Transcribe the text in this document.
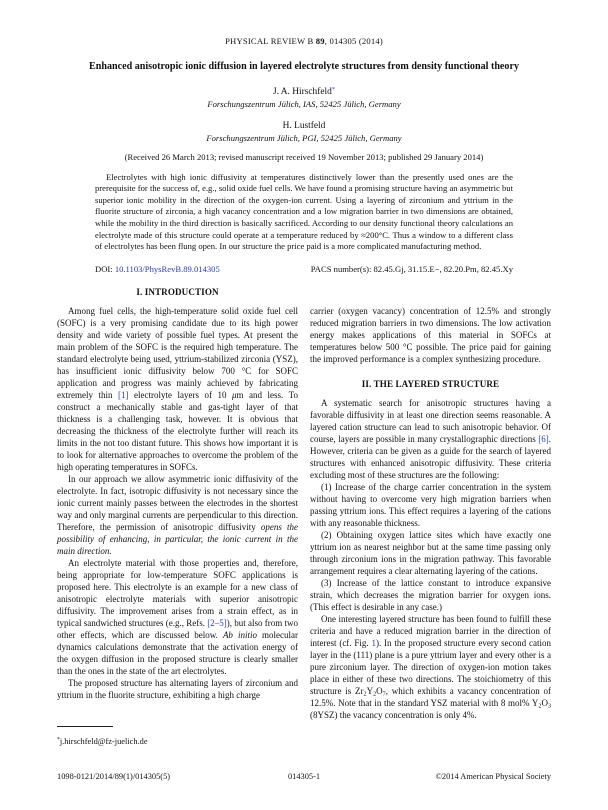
PHYSICAL REVIEW B 89, 014305 (2014)
Enhanced anisotropic ionic diffusion in layered electrolyte structures from density functional theory
J. A. Hirschfeld*
Forschungszentrum Jülich, IAS, 52425 Jülich, Germany
H. Lustfeld
Forschungszentrum Jülich, PGI, 52425 Jülich, Germany
(Received 26 March 2013; revised manuscript received 19 November 2013; published 29 January 2014)
Electrolytes with high ionic diffusivity at temperatures distinctively lower than the presently used ones are the prerequisite for the success of, e.g., solid oxide fuel cells. We have found a promising structure having an asymmetric but superior ionic mobility in the direction of the oxygen-ion current. Using a layering of zirconium and yttrium in the fluorite structure of zirconia, a high vacancy concentration and a low migration barrier in two dimensions are obtained, while the mobility in the third direction is basically sacrificed. According to our density functional theory calculations an electrolyte made of this structure could operate at a temperature reduced by ≈200°C. Thus a window to a different class of electrolytes has been flung open. In our structure the price paid is a more complicated manufacturing method.
DOI: 10.1103/PhysRevB.89.014305	PACS number(s): 82.45.Gj, 31.15.E−, 82.20.Pm, 82.45.Xy
I. INTRODUCTION

Among fuel cells, the high-temperature solid oxide fuel cell (SOFC) is a very promising candidate due to its high power density and wide variety of possible fuel types. At present the main problem of the SOFC is the required high temperature. The standard electrolyte being used, yttrium-stabilized zirconia (YSZ), has insufficient ionic diffusivity below 700 °C for SOFC application and progress was mainly achieved by fabricating extremely thin [1] electrolyte layers of 10 μm and less. To construct a mechanically stable and gas-tight layer of that thickness is a challenging task, however. It is obvious that decreasing the thickness of the electrolyte further will reach its limits in the not too distant future. This shows how important it is to look for alternative approaches to overcome the problem of the high operating temperatures in SOFCs.

In our approach we allow asymmetric ionic diffusivity of the electrolyte. In fact, isotropic diffusivity is not necessary since the ionic current mainly passes between the electrodes in the shortest way and only marginal currents are perpendicular to this direction. Therefore, the permission of anisotropic diffusivity opens the possibility of enhancing, in particular, the ionic current in the main direction.

An electrolyte material with those properties and, therefore, being appropriate for low-temperature SOFC applications is proposed here. This electrolyte is an example for a new class of anisotropic electrolyte materials with superior anisotropic diffusivity. The improvement arises from a strain effect, as in typical sandwiched structures (e.g., Refs. [2–5]), but also from two other effects, which are discussed below. Ab initio molecular dynamics calculations demonstrate that the activation energy of the oxygen diffusion in the proposed structure is clearly smaller than the ones in the state of the art electrolytes.

The proposed structure has alternating layers of zirconium and yttrium in the fluorite structure, exhibiting a high charge

*j.hirschfeld@fz-juelich.de

carrier (oxygen vacancy) concentration of 12.5% and strongly reduced migration barriers in two dimensions. The low activation energy makes applications of this material in SOFCs at temperatures below 500 °C possible. The price paid for gaining the improved performance is a complex synthesizing procedure.

II. THE LAYERED STRUCTURE

A systematic search for anisotropic structures having a favorable diffusivity in at least one direction seems reasonable. A layered cation structure can lead to such anisotropic behavior. Of course, layers are possible in many crystallographic directions [6]. However, criteria can be given as a guide for the search of layered structures with enhanced anisotropic diffusivity. These criteria excluding most of these structures are the following:

(1) Increase of the charge carrier concentration in the system without having to overcome very high migration barriers when passing yttrium ions. This effect requires a layering of the cations with any reasonable thickness.

(2) Obtaining oxygen lattice sites which have exactly one yttrium ion as nearest neighbor but at the same time passing only through zirconium ions in the migration pathway. This favorable arrangement requires a clear alternating layering of the cations.

(3) Increase of the lattice constant to introduce expansive strain, which decreases the migration barrier for oxygen ions. (This effect is desirable in any case.)

One interesting layered structure has been found to fulfill these criteria and have a reduced migration barrier in the direction of interest (cf. Fig. 1). In the proposed structure every second cation layer in the (111) plane is a pure yttrium layer and every other is a pure zirconium layer. The direction of oxygen-ion motion takes place in either of these two directions. The stoichiometry of this structure is Zr2Y2O7, which exhibits a vacancy concentration of 12.5%. Note that in the standard YSZ material with 8 mol% Y2O3 (8YSZ) the vacancy concentration is only 4%.

1098-0121/2014/89(1)/014305(5)	014305-1	©2014 American Physical Society
